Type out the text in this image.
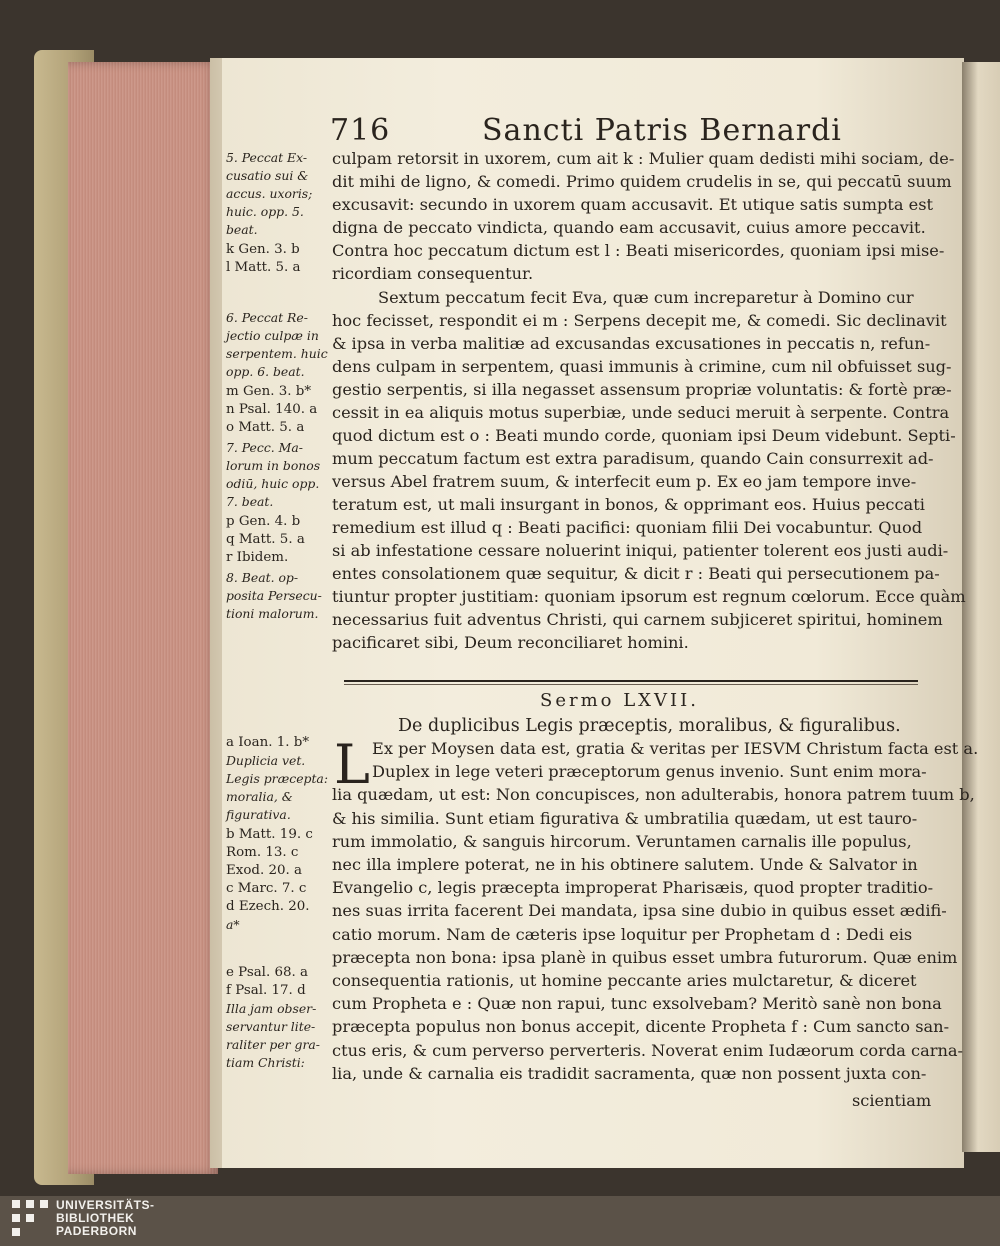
716	Sancti Patris Bernardi
culpam retorsit in uxorem, cum ait k : Mulier quam dedisti mihi sociam, de-
dit mihi de ligno, & comedi. Primo quidem crudelis in se, qui peccatū suum
excusavit: secundo in uxorem quam accusavit. Et utique satis sumpta est
digna de peccato vindicta, quando eam accusavit, cuius amore peccavit.
Contra hoc peccatum dictum est l : Beati misericordes, quoniam ipsi mise-
ricordiam consequentur.
Sextum peccatum fecit Eva, quæ cum increparetur à Domino cur
hoc fecisset, respondit ei m : Serpens decepit me, & comedi. Sic declinavit
& ipsa in verba malitiæ ad excusandas excusationes in peccatis n, refun-
dens culpam in serpentem, quasi immunis à crimine, cum nil obfuisset sug-
gestio serpentis, si illa negasset assensum propriæ voluntatis: & fortè præ-
cessit in ea aliquis motus superbiæ, unde seduci meruit à serpente. Contra
quod dictum est o : Beati mundo corde, quoniam ipsi Deum videbunt. Septi-
mum peccatum factum est extra paradisum, quando Cain consurrexit ad-
versus Abel fratrem suum, & interfecit eum p. Ex eo jam tempore inve-
teratum est, ut mali insurgant in bonos, & opprimant eos. Huius peccati
remedium est illud q : Beati pacifici: quoniam filii Dei vocabuntur. Quod
si ab infestatione cessare noluerint iniqui, patienter tolerent eos justi audi-
entes consolationem quæ sequitur, & dicit r : Beati qui persecutionem pa-
tiuntur propter justitiam: quoniam ipsorum est regnum cœlorum. Ecce quàm
necessarius fuit adventus Christi, qui carnem subjiceret spiritui, hominem
pacificaret sibi, Deum reconciliaret homini.
Sermo LXVII.
De duplicibus Legis præceptis, moralibus, & figuralibus.
L Ex per Moysen data est, gratia & veritas per IESVM Christum facta est a.
Duplex in lege veteri præceptorum genus invenio. Sunt enim mora-
lia quædam, ut est: Non concupisces, non adulterabis, honora patrem tuum b,
& his similia. Sunt etiam figurativa & umbratilia quædam, ut est tauro-
rum immolatio, & sanguis hircorum. Veruntamen carnalis ille populus,
nec illa implere poterat, ne in his obtinere salutem. Unde & Salvator in
Evangelio c, legis præcepta improperat Pharisæis, quod propter traditio-
nes suas irrita facerent Dei mandata, ipsa sine dubio in quibus esset ædifi-
catio morum. Nam de cæteris ipse loquitur per Prophetam d : Dedi eis
præcepta non bona: ipsa planè in quibus esset umbra futurorum. Quæ enim
consequentia rationis, ut homine peccante aries mulctaretur, & diceret
cum Propheta e : Quæ non rapui, tunc exsolvebam? Meritò sanè non bona
præcepta populus non bonus accepit, dicente Propheta f : Cum sancto san-
ctus eris, & cum perverso perverteris. Noverat enim Iudæorum corda carna-
lia, unde & carnalia eis tradidit sacramenta, quæ non possent juxta con-
scientiam
5. Peccat Ex-
cusatio sui &
accus. uxoris;
huic. opp. 5.
beat.
k Gen. 3. b
l Matt. 5. a
6. Peccat Re-
jectio culpæ in
serpentem. huic
opp. 6. beat.
m Gen. 3. b*
n Psal. 140. a
o Matt. 5. a
7. Pecc. Ma-
lorum in bonos
odiū, huic opp.
7. beat.
p Gen. 4. b
q Matt. 5. a
r Ibidem.
8. Beat. op-
posita Persecu-
tioni malorum.
a Ioan. 1. b*
Duplicia vet.
Legis præcepta:
moralia, &
figurativa.
b Matt. 19. c
Rom. 13. c
Exod. 20. a
c Marc. 7. c
d Ezech. 20.
a*
e Psal. 68. a
f Psal. 17. d
Illa jam obser-
servantur lite-
raliter per gra-
tiam Christi:
UNIVERSITÄTS-
BIBLIOTHEK
PADERBORN
